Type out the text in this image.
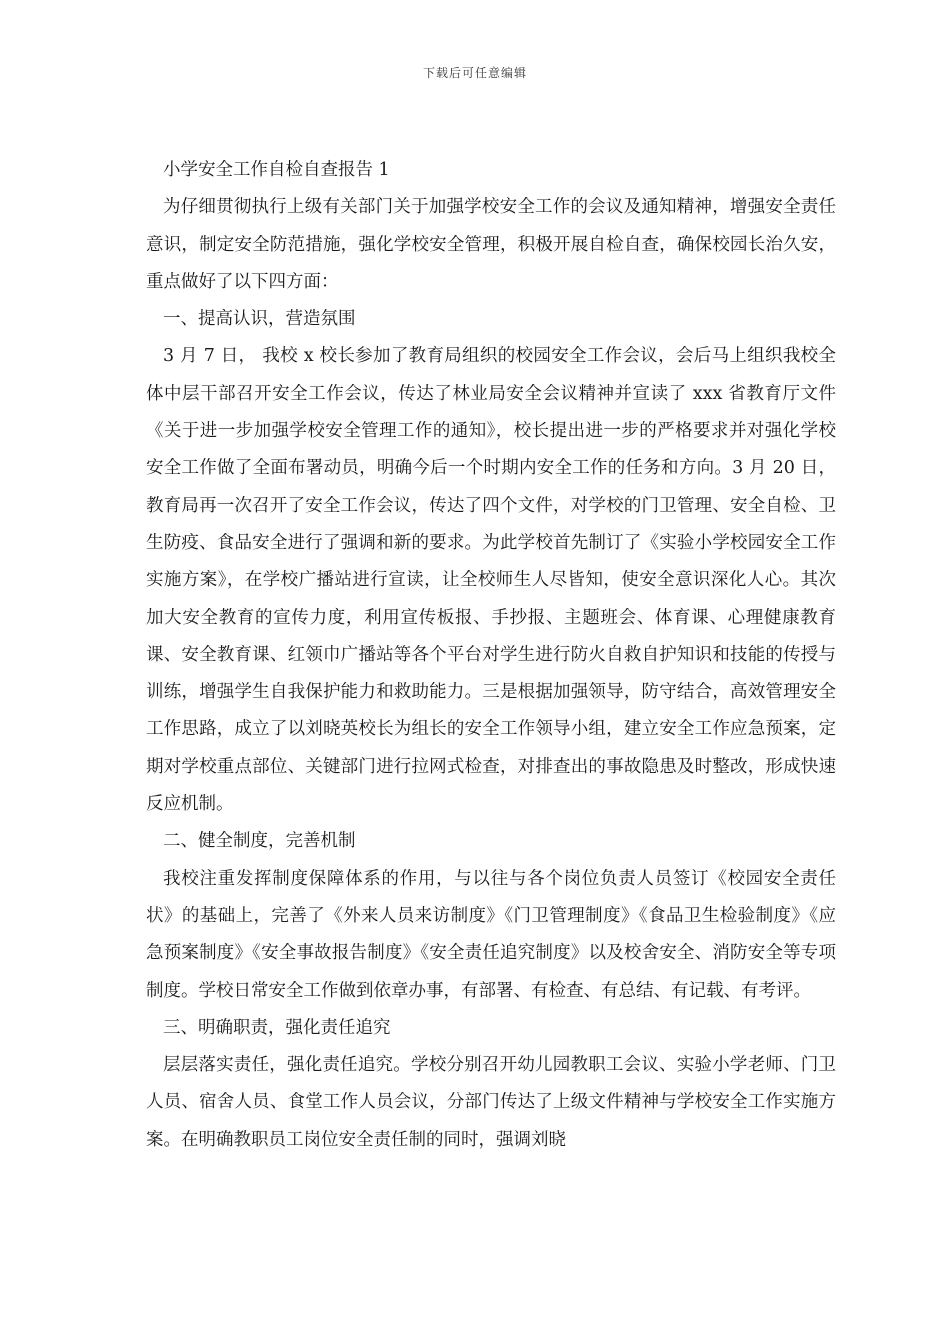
下载后可任意编辑

小学安全工作自检自查报告 1

为仔细贯彻执行上级有关部门关于加强学校安全工作的会议及通知精神，增强安全责任意识，制定安全防范措施，强化学校安全管理，积极开展自检自查，确保校园长治久安，重点做好了以下四方面：

一、提高认识，营造氛围

3 月 7 日， 我校 x 校长参加了教育局组织的校园安全工作会议，会后马上组织我校全体中层干部召开安全工作会议，传达了林业局安全会议精神并宣读了 xxx 省教育厅文件《关于进一步加强学校安全管理工作的通知》，校长提出进一步的严格要求并对强化学校安全工作做了全面布署动员，明确今后一个时期内安全工作的任务和方向。3 月 20 日，教育局再一次召开了安全工作会议，传达了四个文件，对学校的门卫管理、安全自检、卫生防疫、食品安全进行了强调和新的要求。为此学校首先制订了《实验小学校园安全工作实施方案》，在学校广播站进行宣读，让全校师生人尽皆知，使安全意识深化人心。其次加大安全教育的宣传力度，利用宣传板报、手抄报、主题班会、体育课、心理健康教育课、安全教育课、红领巾广播站等各个平台对学生进行防火自救自护知识和技能的传授与训练，增强学生自我保护能力和救助能力。三是根据加强领导，防守结合，高效管理安全工作思路，成立了以刘晓英校长为组长的安全工作领导小组，建立安全工作应急预案，定期对学校重点部位、关键部门进行拉网式检查，对排查出的事故隐患及时整改，形成快速反应机制。

二、健全制度，完善机制

我校注重发挥制度保障体系的作用，与以往与各个岗位负责人员签订《校园安全责任状》的基础上，完善了《外来人员来访制度》《门卫管理制度》《食品卫生检验制度》《应急预案制度》《安全事故报告制度》《安全责任追究制度》以及校舍安全、消防安全等专项制度。学校日常安全工作做到依章办事，有部署、有检查、有总结、有记载、有考评。

三、明确职责，强化责任追究

层层落实责任，强化责任追究。学校分别召开幼儿园教职工会议、实验小学老师、门卫人员、宿舍人员、食堂工作人员会议，分部门传达了上级文件精神与学校安全工作实施方案。在明确教职员工岗位安全责任制的同时，强调刘晓
